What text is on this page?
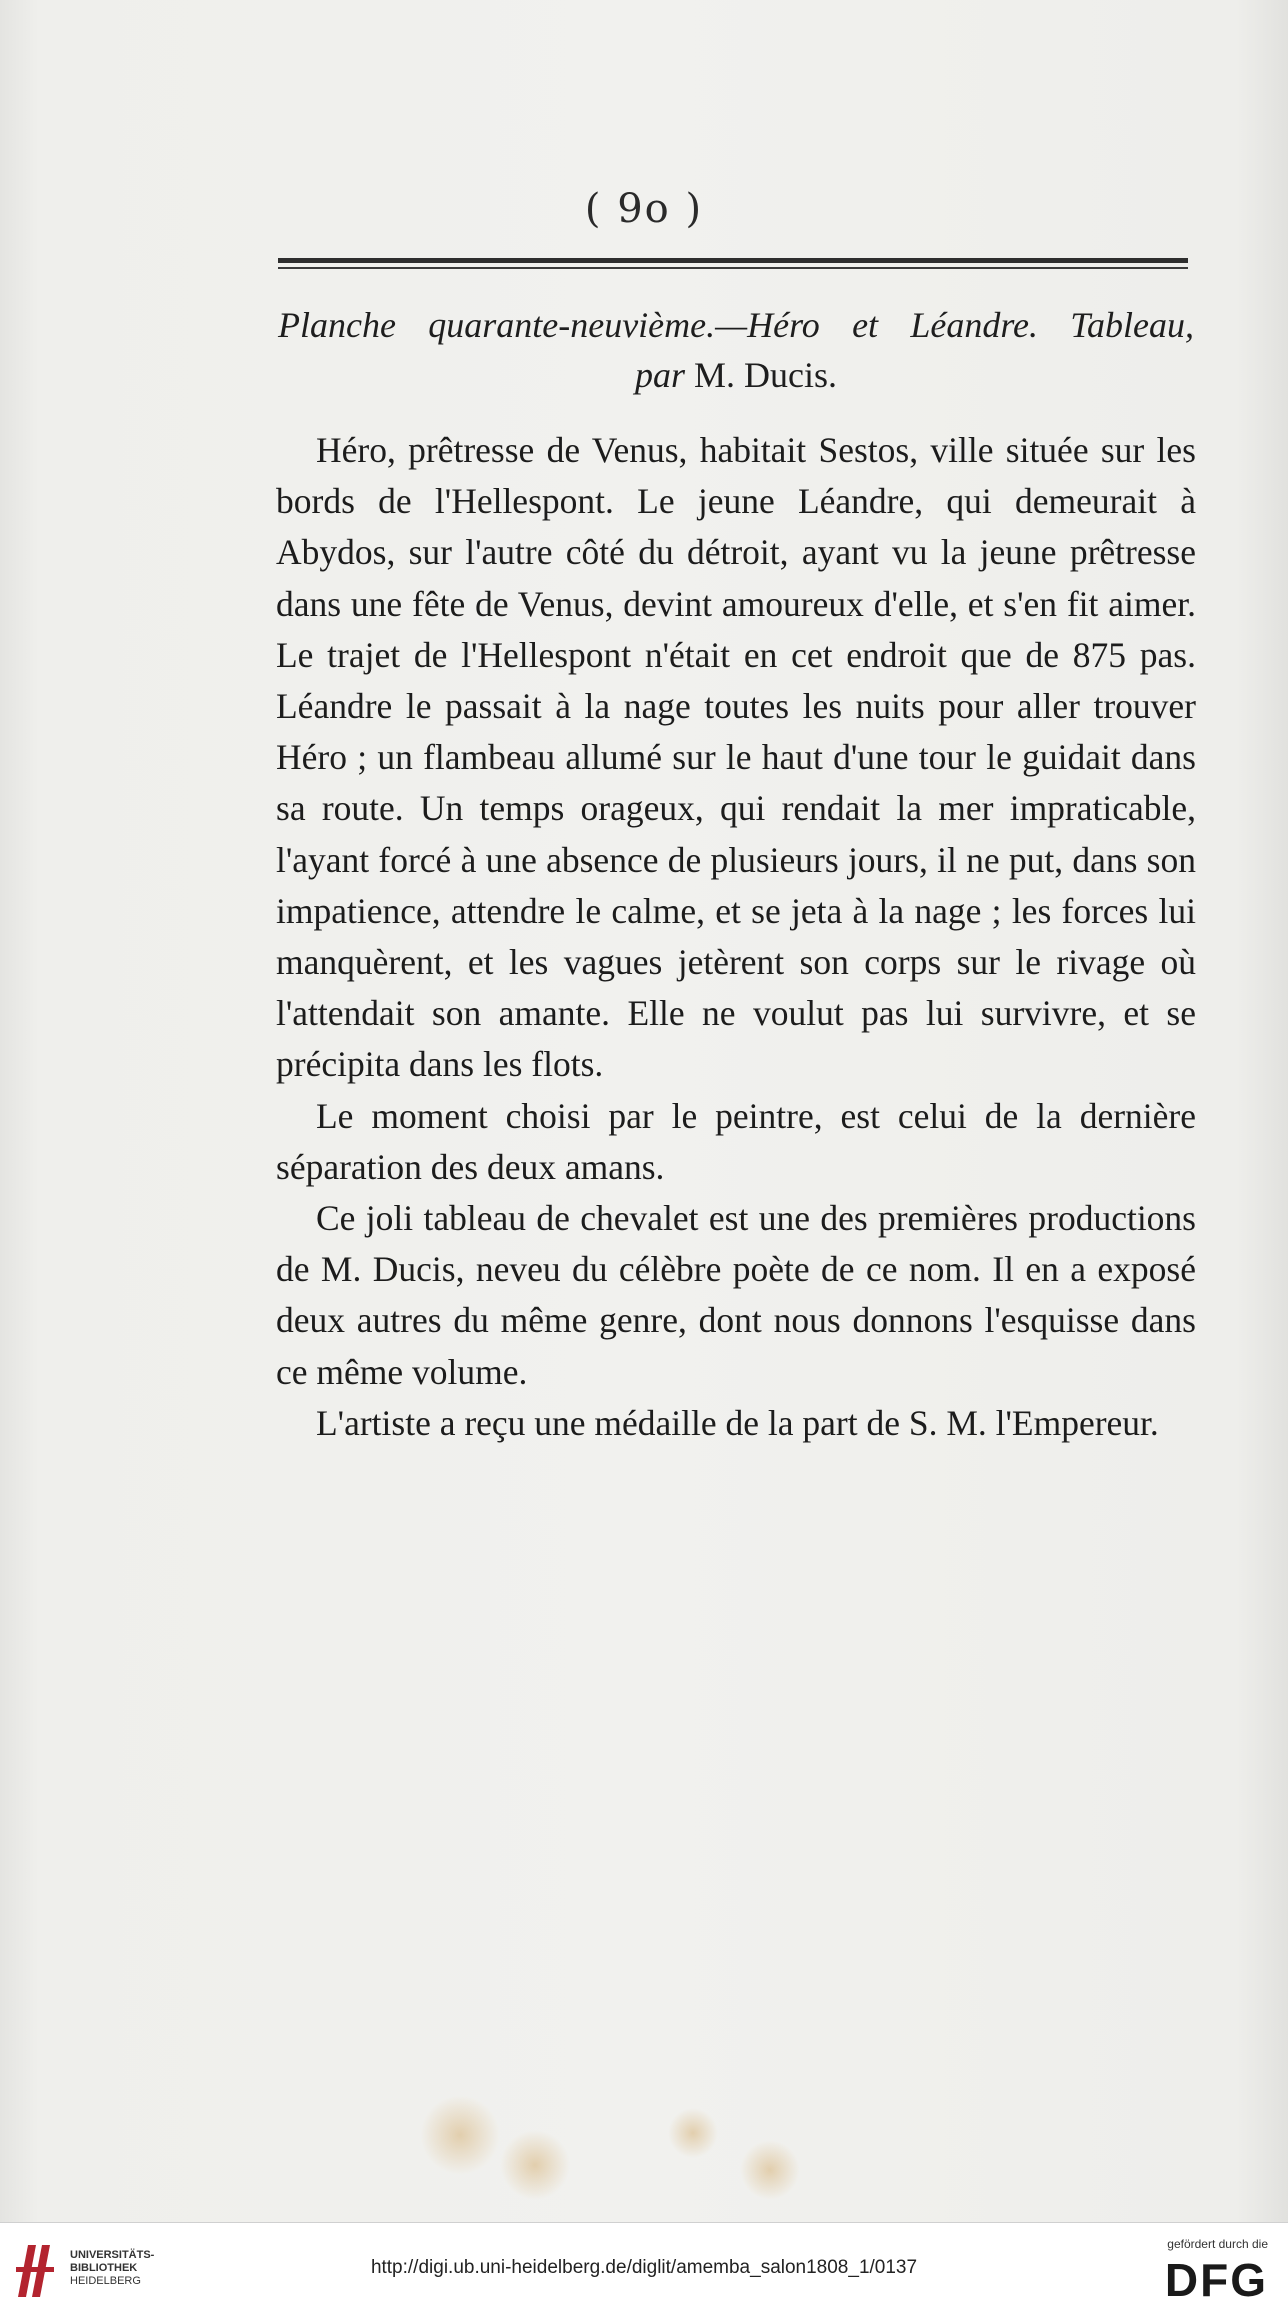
( 9o )
Planche quarante-neuvième.—Héro et Léandre. Tableau,
par M. Ducis.

Héro, prêtresse de Venus, habitait Sestos, ville située sur les bords de l'Hellespont. Le jeune Léandre, qui demeurait à Abydos, sur l'autre côté du détroit, ayant vu la jeune prêtresse dans une fête de Venus, devint amoureux d'elle, et s'en fit aimer. Le trajet de l'Hellespont n'était en cet endroit que de 875 pas. Léandre le passait à la nage toutes les nuits pour aller trouver Héro ; un flambeau allumé sur le haut d'une tour le guidait dans sa route. Un temps orageux, qui rendait la mer impraticable, l'ayant forcé à une absence de plusieurs jours, il ne put, dans son impatience, attendre le calme, et se jeta à la nage ; les forces lui manquèrent, et les vagues jetèrent son corps sur le rivage où l'attendait son amante. Elle ne voulut pas lui survivre, et se précipita dans les flots.

Le moment choisi par le peintre, est celui de la dernière séparation des deux amans.

Ce joli tableau de chevalet est une des premières productions de M. Ducis, neveu du célèbre poète de ce nom. Il en a exposé deux autres du même genre, dont nous donnons l'esquisse dans ce même volume.

L'artiste a reçu une médaille de la part de S. M. l'Empereur.

UNIVERSITÄTS-
BIBLIOTHEK
HEIDELBERG
http://digi.ub.uni-heidelberg.de/diglit/amemba_salon1808_1/0137
gefördert durch die
DFG
